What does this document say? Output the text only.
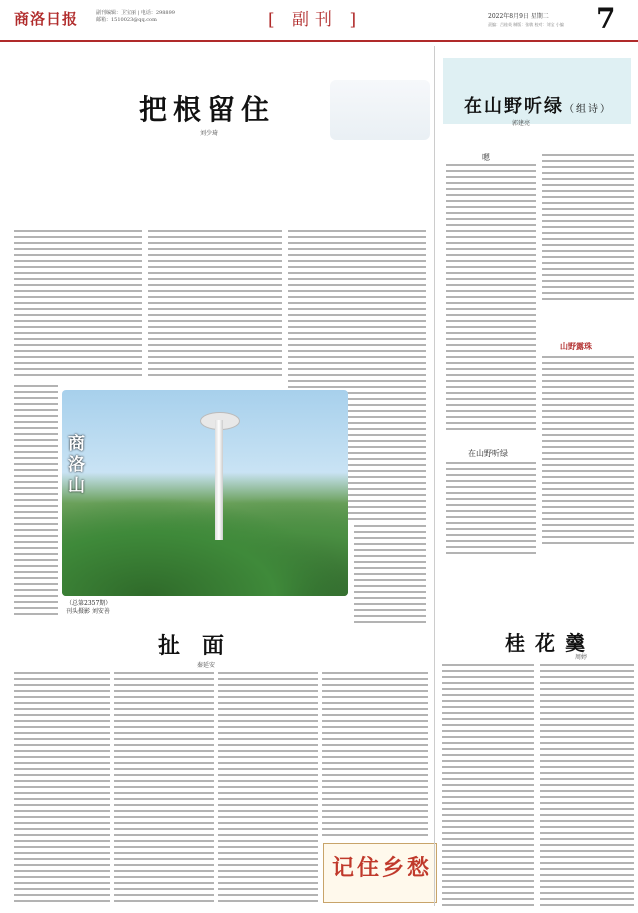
商洛日报	副刊编辑：卫宝丽 | 电话：298899
邮箱：1510023@qq.com	[ 副刊 ]	2022年8月9日 星期二
责编：吕桂英 制版：张敏 校对：刘宝 小编 7
把根留住
刘少琦
商洛山
（总第2357期）
刊头摄影 刘安善
扯面
秦延安
记住乡愁
在山野听绿（组诗）
郭建亮
嗯
在山野听绿
山野露珠
桂花羹
周婷
